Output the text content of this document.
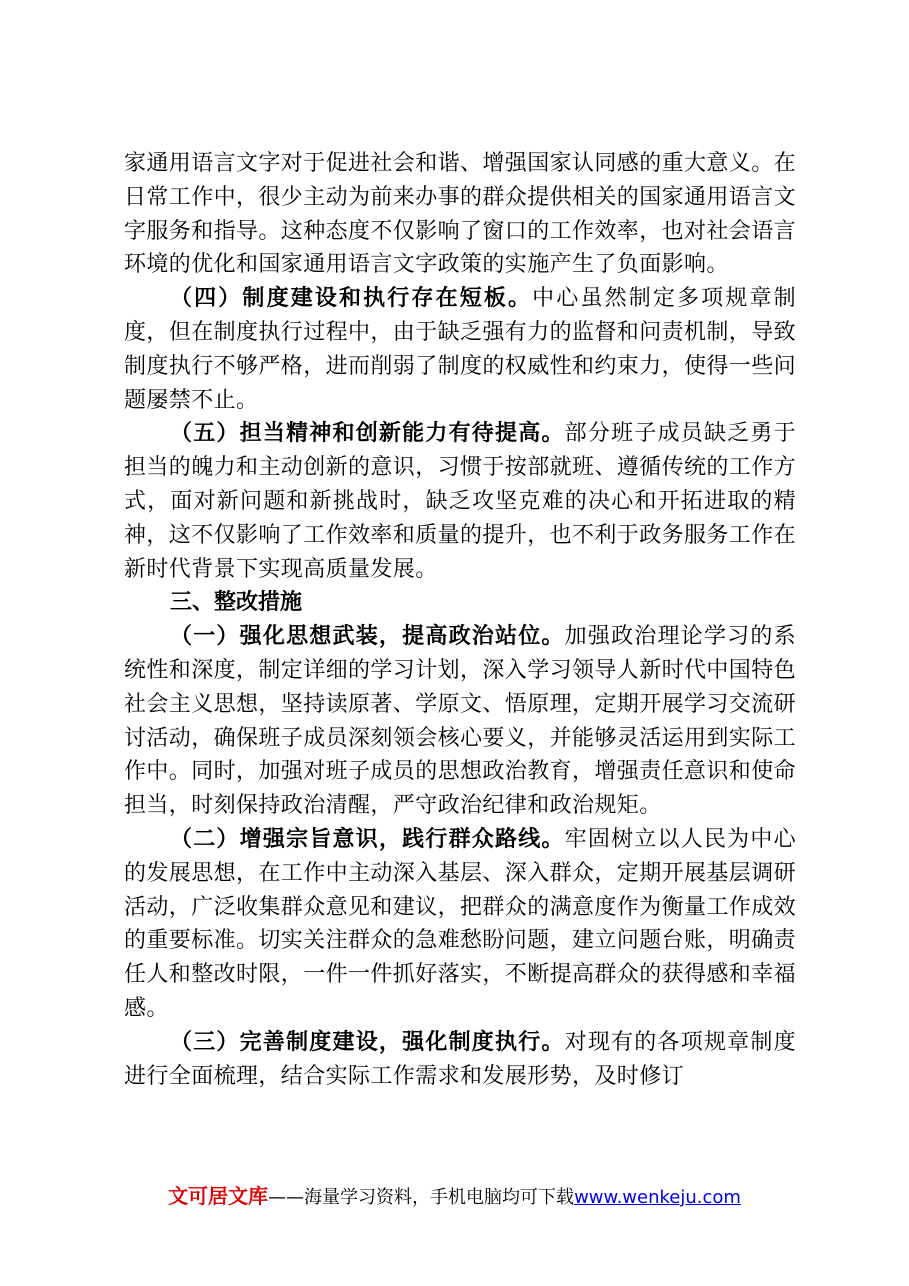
家通用语言文字对于促进社会和谐、增强国家认同感的重大意义。在日常工作中，很少主动为前来办事的群众提供相关的国家通用语言文字服务和指导。这种态度不仅影响了窗口的工作效率，也对社会语言环境的优化和国家通用语言文字政策的实施产生了负面影响。

（四）制度建设和执行存在短板。中心虽然制定多项规章制度，但在制度执行过程中，由于缺乏强有力的监督和问责机制，导致制度执行不够严格，进而削弱了制度的权威性和约束力，使得一些问题屡禁不止。

（五）担当精神和创新能力有待提高。部分班子成员缺乏勇于担当的魄力和主动创新的意识，习惯于按部就班、遵循传统的工作方式，面对新问题和新挑战时，缺乏攻坚克难的决心和开拓进取的精神，这不仅影响了工作效率和质量的提升，也不利于政务服务工作在新时代背景下实现高质量发展。

三、整改措施

（一）强化思想武装，提高政治站位。加强政治理论学习的系统性和深度，制定详细的学习计划，深入学习领导人新时代中国特色社会主义思想，坚持读原著、学原文、悟原理，定期开展学习交流研讨活动，确保班子成员深刻领会核心要义，并能够灵活运用到实际工作中。同时，加强对班子成员的思想政治教育，增强责任意识和使命担当，时刻保持政治清醒，严守政治纪律和政治规矩。

（二）增强宗旨意识，践行群众路线。牢固树立以人民为中心的发展思想，在工作中主动深入基层、深入群众，定期开展基层调研活动，广泛收集群众意见和建议，把群众的满意度作为衡量工作成效的重要标准。切实关注群众的急难愁盼问题，建立问题台账，明确责任人和整改时限，一件一件抓好落实，不断提高群众的获得感和幸福感。

（三）完善制度建设，强化制度执行。对现有的各项规章制度进行全面梳理，结合实际工作需求和发展形势，及时修订

文可居文库——海量学习资料，手机电脑均可下载www.wenkeju.com
